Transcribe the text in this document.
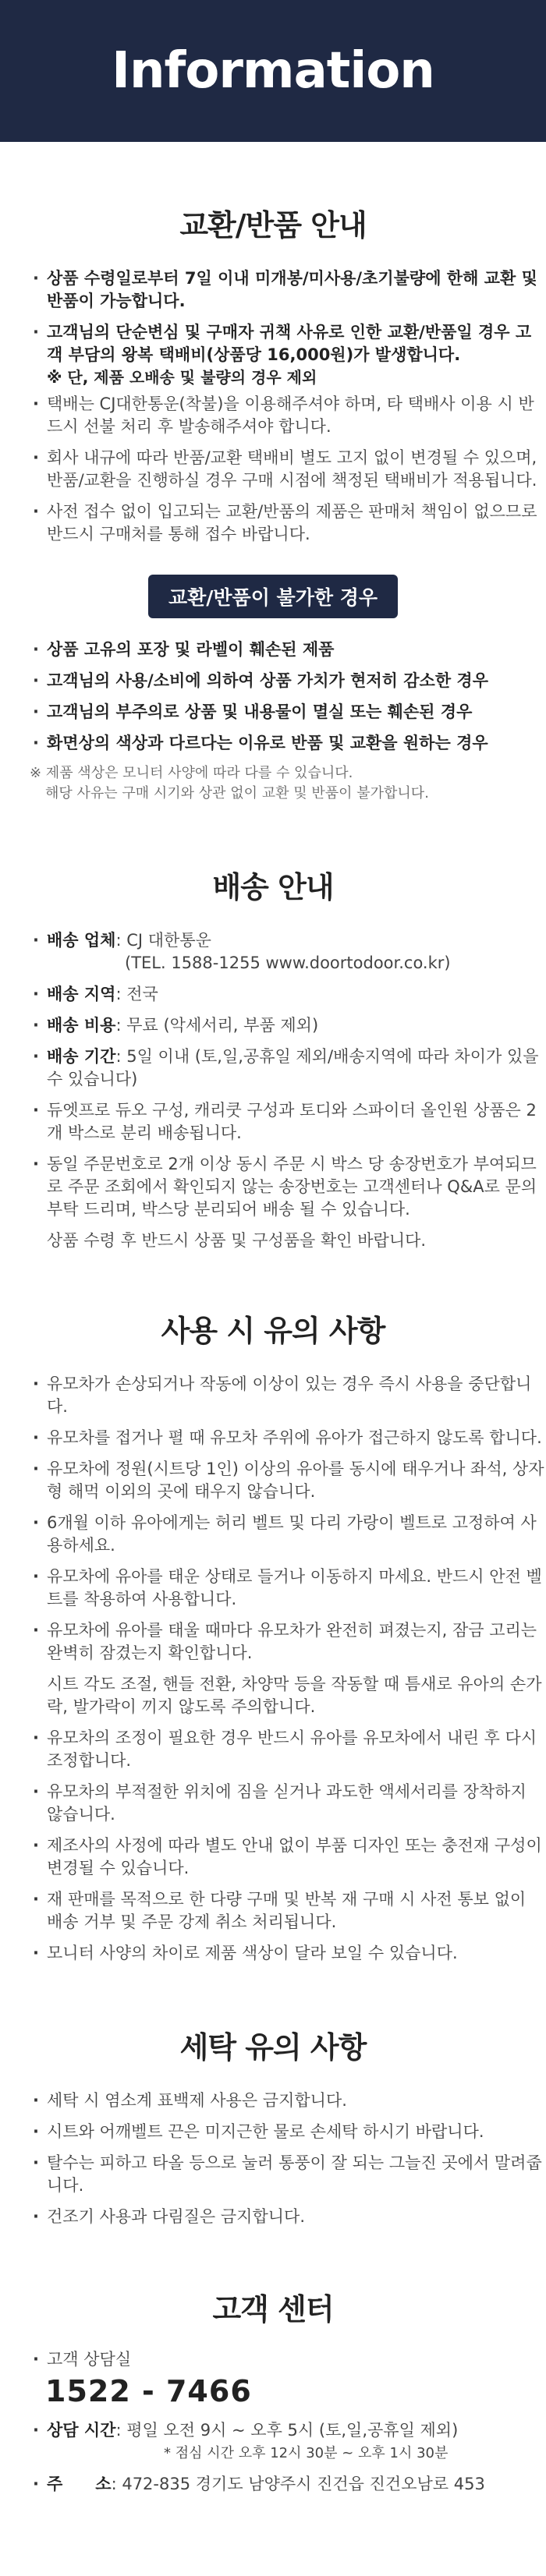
Information
교환/반품 안내
· 상품 수령일로부터 7일 이내 미개봉/미사용/초기불량에 한해 교환 및 반품이 가능합니다.
· 고객님의 단순변심 및 구매자 귀책 사유로 인한 교환/반품일 경우 고객 부담의 왕복 택배비(상품당 16,000원)가 발생합니다.
※ 단, 제품 오배송 및 불량의 경우 제외
· 택배는 CJ대한통운(착불)을 이용해주셔야 하며, 타 택배사 이용 시 반드시 선불 처리 후 발송해주셔야 합니다.
· 회사 내규에 따라 반품/교환 택배비 별도 고지 없이 변경될 수 있으며, 반품/교환을 진행하실 경우 구매 시점에 책정된 택배비가 적용됩니다.
· 사전 접수 없이 입고되는 교환/반품의 제품은 판매처 책임이 없으므로 반드시 구매처를 통해 접수 바랍니다.
교환/반품이 불가한 경우
· 상품 고유의 포장 및 라벨이 훼손된 제품
· 고객님의 사용/소비에 의하여 상품 가치가 현저히 감소한 경우
· 고객님의 부주의로 상품 및 내용물이 멸실 또는 훼손된 경우
· 화면상의 색상과 다르다는 이유로 반품 및 교환을 원하는 경우
※ 제품 색상은 모니터 사양에 따라 다를 수 있습니다.
해당 사유는 구매 시기와 상관 없이 교환 및 반품이 불가합니다.
배송 안내
· 배송 업체: CJ 대한통운
(TEL. 1588-1255 www.doortodoor.co.kr)
· 배송 지역: 전국
· 배송 비용: 무료 (악세서리, 부품 제외)
· 배송 기간: 5일 이내 (토,일,공휴일 제외/배송지역에 따라 차이가 있을 수 있습니다)
· 듀엣프로 듀오 구성, 캐리쿳 구성과 토디와 스파이더 올인원 상품은 2개 박스로 분리 배송됩니다.
· 동일 주문번호로 2개 이상 동시 주문 시 박스 당 송장번호가 부여되므로 주문 조회에서 확인되지 않는 송장번호는 고객센터나 Q&A로 문의 부탁 드리며, 박스당 분리되어 배송 될 수 있습니다.

상품 수령 후 반드시 상품 및 구성품을 확인 바랍니다.

사용 시 유의 사항
· 유모차가 손상되거나 작동에 이상이 있는 경우 즉시 사용을 중단합니다.
· 유모차를 접거나 펼 때 유모차 주위에 유아가 접근하지 않도록 합니다.
· 유모차에 정원(시트당 1인) 이상의 유아를 동시에 태우거나 좌석, 상자형 해먹 이외의 곳에 태우지 않습니다.
· 6개월 이하 유아에게는 허리 벨트 및 다리 가랑이 벨트로 고정하여 사용하세요.
· 유모차에 유아를 태운 상태로 들거나 이동하지 마세요. 반드시 안전 벨트를 착용하여 사용합니다.
· 유모차에 유아를 태울 때마다 유모차가 완전히 펴졌는지, 잠금 고리는 완벽히 잠겼는지 확인합니다.

시트 각도 조절, 핸들 전환, 차양막 등을 작동할 때 틈새로 유아의 손가락, 발가락이 끼지 않도록 주의합니다.

· 유모차의 조정이 필요한 경우 반드시 유아를 유모차에서 내린 후 다시 조정합니다.
· 유모차의 부적절한 위치에 짐을 싣거나 과도한 액세서리를 장착하지 않습니다.
· 제조사의 사정에 따라 별도 안내 없이 부품 디자인 또는 충전재 구성이 변경될 수 있습니다.
· 재 판매를 목적으로 한 다량 구매 및 반복 재 구매 시 사전 통보 없이 배송 거부 및 주문 강제 취소 처리됩니다.
· 모니터 사양의 차이로 제품 색상이 달라 보일 수 있습니다.
세탁 유의 사항
· 세탁 시 염소계 표백제 사용은 금지합니다.
· 시트와 어깨벨트 끈은 미지근한 물로 손세탁 하시기 바랍니다.
· 탈수는 피하고 타올 등으로 눌러 통풍이 잘 되는 그늘진 곳에서 말려줍니다.
· 건조기 사용과 다림질은 금지합니다.
고객 센터
· 고객 상담실
1522 - 7466
· 상담 시간: 평일 오전 9시 ~ 오후 5시 (토,일,공휴일 제외)
* 점심 시간 오후 12시 30분 ~ 오후 1시 30분
· 주　　소: 472-835 경기도 남양주시 진건읍 진건오남로 453
